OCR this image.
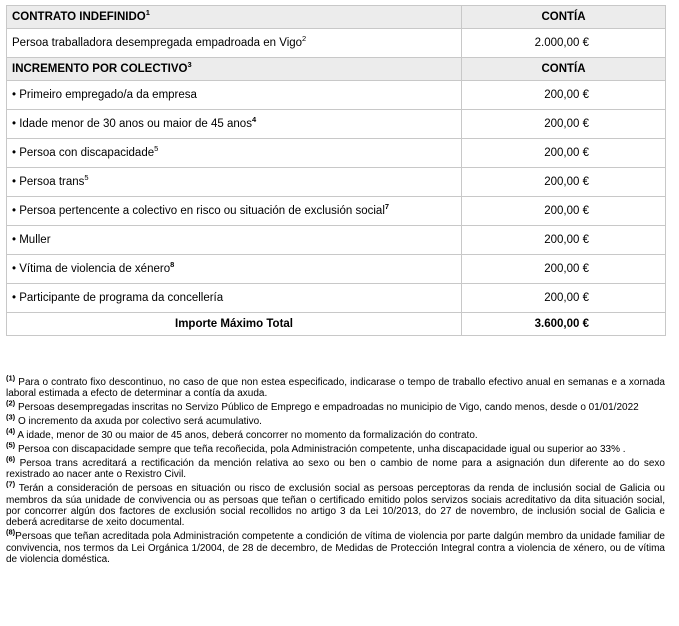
CONTRATO INDEFINIDO$^1$	CONTÍA
Persoa traballadora desempregada empadroada en Vigo$^2$	2.000,00 €
INCREMENTO POR COLECTIVO$^3$	CONTÍA
• Primeiro empregado/a da empresa	200,00 €
• Idade menor de 30 anos ou maior de 45 anos$^4$	200,00 €
• Persoa con discapacidade$^5$	200,00 €
• Persoa trans$^5$	200,00 €
• Persoa pertencente a colectivo en risco ou situación de exclusión social$^7$	200,00 €
• Muller	200,00 €
• Vítima de violencia de xénero$^8$	200,00 €
• Participante de programa da concellería	200,00 €
Importe Máximo Total	3.600,00 €

$^{(1)}$ Para o contrato fixo descontinuo, no caso de que non estea especificado, indicarase o tempo de traballo efectivo anual en semanas e a xornada laboral estimada a efecto de determinar a contía da axuda.

$^{(2)}$ Persoas desempregadas inscritas no Servizo Público de Emprego e empadroadas no municipio de Vigo, cando menos, desde o 01/01/2022

$^{(3)}$ O incremento da axuda por colectivo será acumulativo.

$^{(4)}$ A idade, menor de 30 ou maior de 45 anos, deberá concorrer no momento da formalización do contrato.

$^{(5)}$ Persoa con discapacidade sempre que teña recoñecida, pola Administración competente, unha discapacidade igual ou superior ao 33% .

$^{(6)}$ Persoa trans acreditará a rectificación da mención relativa ao sexo ou ben o cambio de nome para a asignación dun diferente ao do sexo rexistrado ao nacer ante o Rexistro Civil.

$^{(7)}$ Terán a consideración de persoas en situación ou risco de exclusión social as persoas perceptoras da renda de inclusión social de Galicia ou membros da súa unidade de convivencia ou as persoas que teñan o certificado emitido polos servizos sociais acreditativo da dita situación social, por concorrer algún dos factores de exclusión social recollidos no artigo 3 da Lei 10/2013, do 27 de novembro, de inclusión social de Galicia e deberá acreditarse de xeito documental.

$^{(8)}$Persoas que teñan acreditada pola Administración competente a condición de vítima de violencia por parte dalgún membro da unidade familiar de convivencia, nos termos da Lei Orgánica 1/2004, de 28 de decembro, de Medidas de Protección Integral contra a violencia de xénero, ou de vítima de violencia doméstica.
